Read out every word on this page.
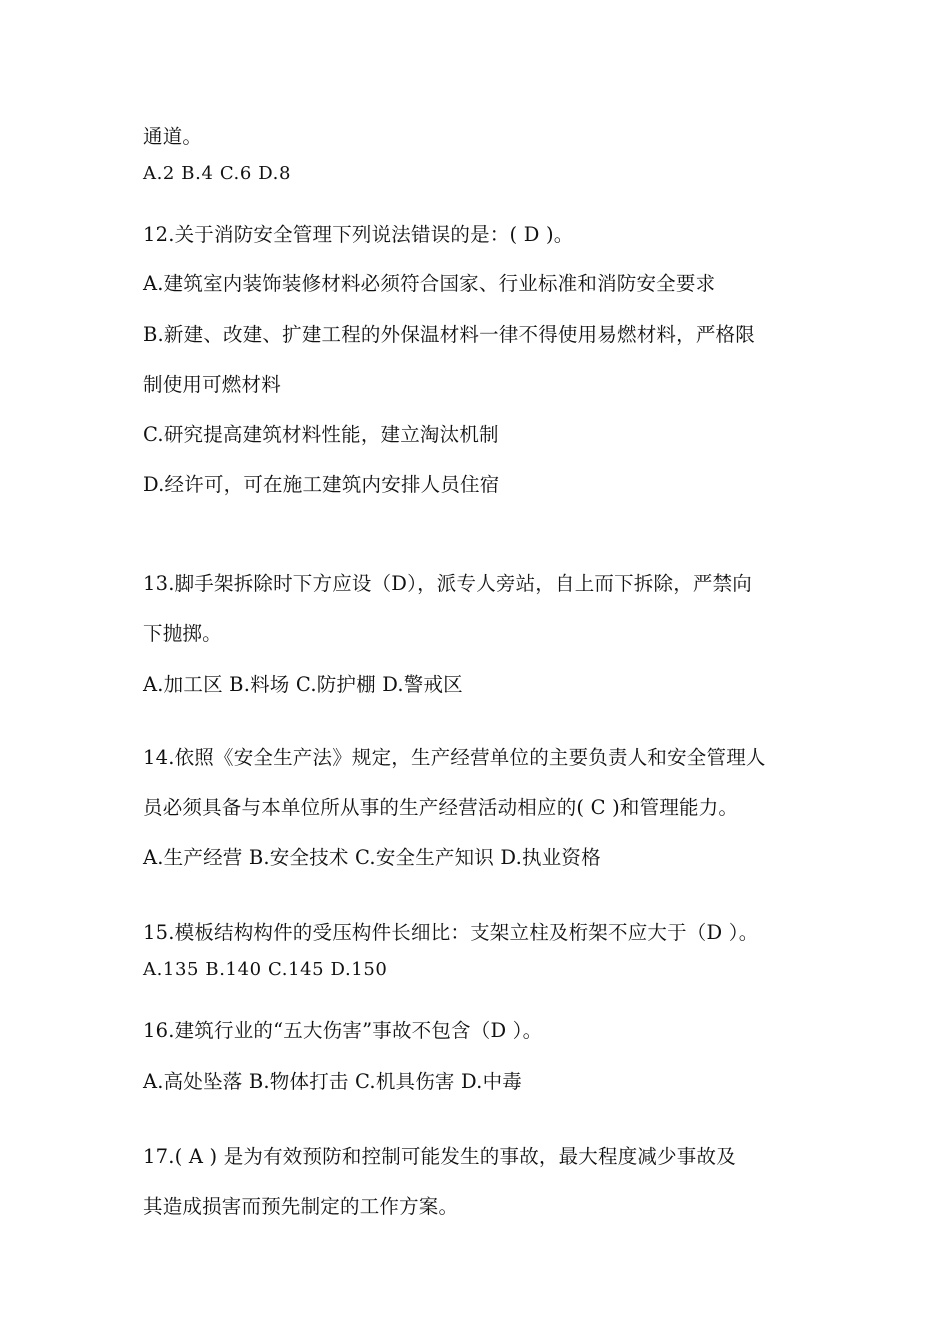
通道。
A.2 B.4 C.6 D.8
12.关于消防安全管理下列说法错误的是：( D )。
A.建筑室内装饰装修材料必须符合国家、行业标准和消防安全要求
B.新建、改建、扩建工程的外保温材料一律不得使用易燃材料，严格限
制使用可燃材料
C.研究提高建筑材料性能，建立淘汰机制
D.经许可，可在施工建筑内安排人员住宿
13.脚手架拆除时下方应设（D），派专人旁站，自上而下拆除，严禁向
下抛掷。
A.加工区 B.料场 C.防护棚 D.警戒区
14.依照《安全生产法》规定，生产经营单位的主要负责人和安全管理人
员必须具备与本单位所从事的生产经营活动相应的( C )和管理能力。
A.生产经营 B.安全技术 C.安全生产知识 D.执业资格
15.模板结构构件的受压构件长细比：支架立柱及桁架不应大于（D ）。
A.135 B.140 C.145 D.150
16.建筑行业的“五大伤害”事故不包含（D ）。
A.高处坠落 B.物体打击 C.机具伤害 D.中毒
17.( A ) 是为有效预防和控制可能发生的事故，最大程度减少事故及
其造成损害而预先制定的工作方案。
